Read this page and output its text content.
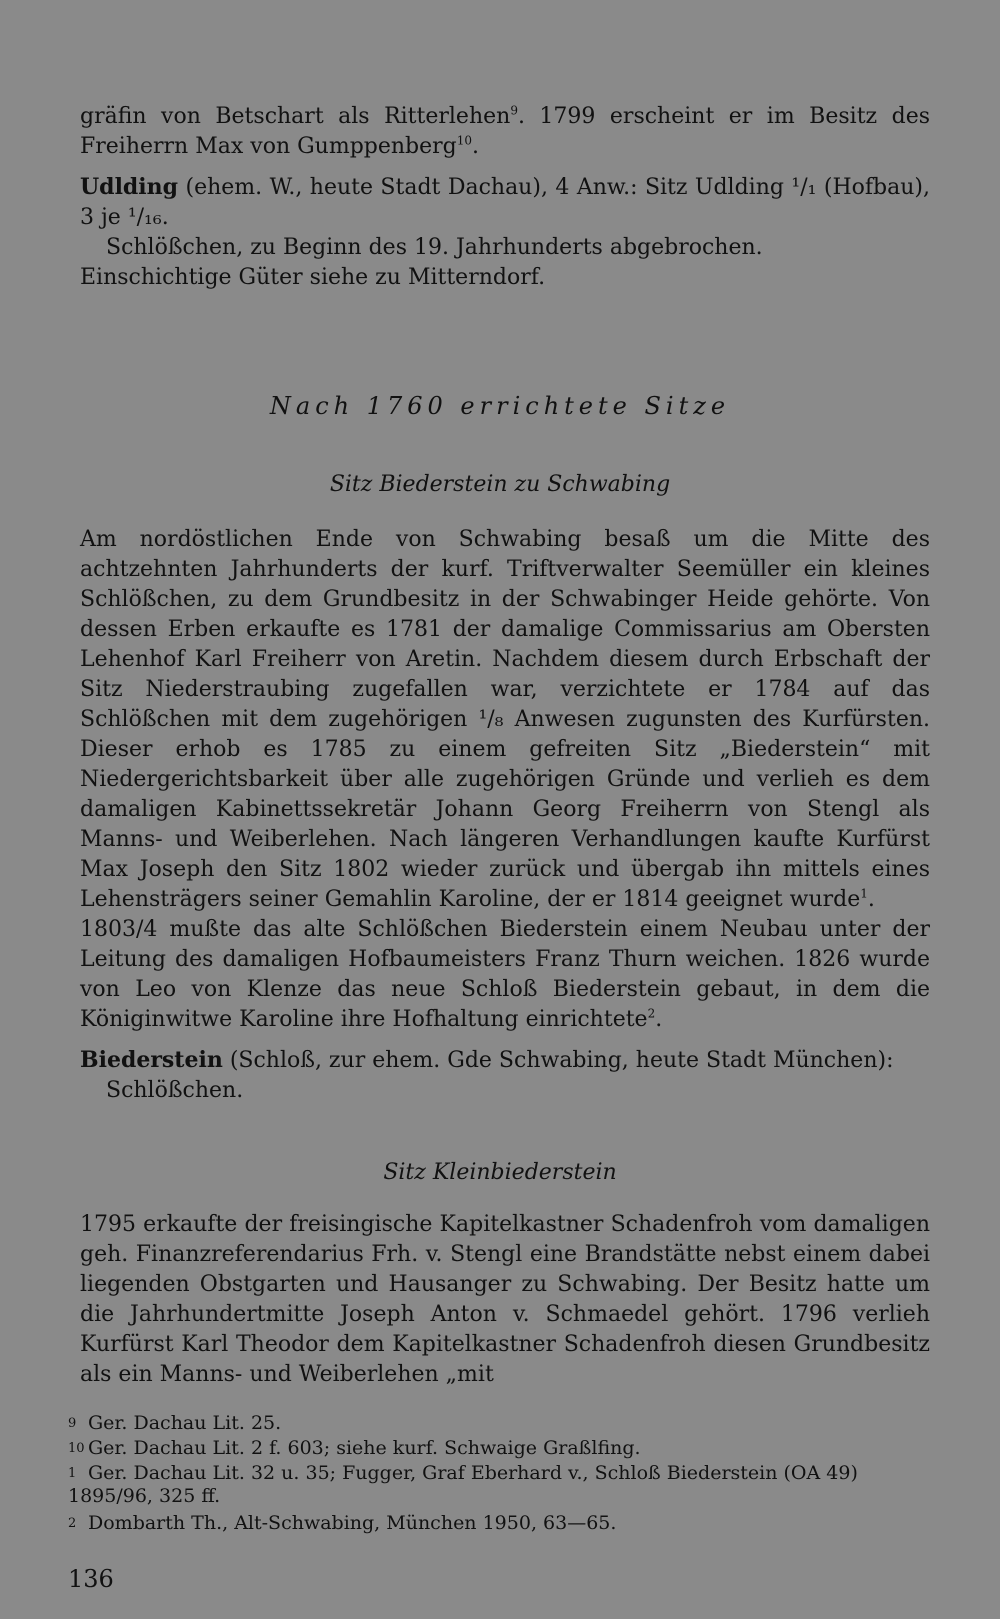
gräfin von Betschart als Ritterlehen$^9$. 1799 erscheint er im Besitz des Freiherrn Max von Gumppenberg$^{10}$.

Udlding (ehem. W., heute Stadt Dachau), 4 Anw.: Sitz Udlding ¹/₁ (Hofbau), 3 je ¹/₁₆.

Schlößchen, zu Beginn des 19. Jahrhunderts abgebrochen.

Einschichtige Güter siehe zu Mitterndorf.

Nach 1760 errichtete Sitze
Sitz Biederstein zu Schwabing

Am nordöstlichen Ende von Schwabing besaß um die Mitte des achtzehnten Jahrhunderts der kurf. Triftverwalter Seemüller ein kleines Schlößchen, zu dem Grundbesitz in der Schwabinger Heide gehörte. Von dessen Erben erkaufte es 1781 der damalige Commissarius am Obersten Lehenhof Karl Freiherr von Aretin. Nachdem diesem durch Erbschaft der Sitz Niederstraubing zugefallen war, verzichtete er 1784 auf das Schlößchen mit dem zugehörigen ¹/₈ Anwesen zugunsten des Kurfürsten. Dieser erhob es 1785 zu einem gefreiten Sitz „Biederstein“ mit Niedergerichtsbarkeit über alle zugehörigen Gründe und verlieh es dem damaligen Kabinettssekretär Johann Georg Freiherrn von Stengl als Manns- und Weiberlehen. Nach längeren Verhandlungen kaufte Kurfürst Max Joseph den Sitz 1802 wieder zurück und übergab ihn mittels eines Lehensträgers seiner Gemahlin Karoline, der er 1814 geeignet wurde$^1$.

1803/4 mußte das alte Schlößchen Biederstein einem Neubau unter der Leitung des damaligen Hofbaumeisters Franz Thurn weichen. 1826 wurde von Leo von Klenze das neue Schloß Biederstein gebaut, in dem die Königinwitwe Karoline ihre Hofhaltung einrichtete$^2$.

Biederstein (Schloß, zur ehem. Gde Schwabing, heute Stadt München):

Schlößchen.

Sitz Kleinbiederstein

1795 erkaufte der freisingische Kapitelkastner Schadenfroh vom damaligen geh. Finanzreferendarius Frh. v. Stengl eine Brandstätte nebst einem dabei liegenden Obstgarten und Hausanger zu Schwabing. Der Besitz hatte um die Jahrhundertmitte Joseph Anton v. Schmaedel gehört. 1796 verlieh Kurfürst Karl Theodor dem Kapitelkastner Schadenfroh diesen Grundbesitz als ein Manns- und Weiberlehen „mit

9 Ger. Dachau Lit. 25.

10 Ger. Dachau Lit. 2 f. 603; siehe kurf. Schwaige Graßlfing.

1 Ger. Dachau Lit. 32 u. 35; Fugger, Graf Eberhard v., Schloß Biederstein (OA 49) 1895/96, 325 ff.

2 Dombarth Th., Alt-Schwabing, München 1950, 63—65.

136
